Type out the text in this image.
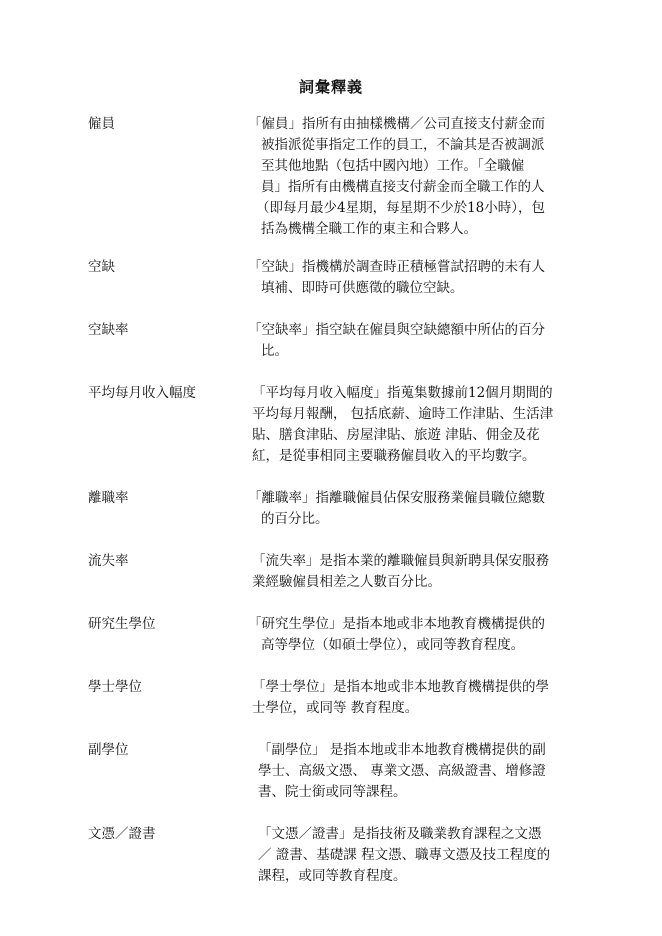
詞彙釋義
僱員	「僱員」指所有由抽樣機構／公司直接支付薪金而
被指派從事指定工作的員工，不論其是否被調派
至其他地點（包括中國內地）工作。「全職僱
員」指所有由機構直接支付薪金而全職工作的人
（即每月最少4星期，每星期不少於18小時），包
括為機構全職工作的東主和合夥人。
空缺	「空缺」指機構於調查時正積極嘗試招聘的未有人
填補、即時可供應徵的職位空缺。
空缺率	「空缺率」指空缺在僱員與空缺總額中所佔的百分
比。
平均每月收入幅度	「平均每月收入幅度」指蒐集數據前12個月期間的
平均每月報酬， 包括底薪、逾時工作津貼、生活津
貼、膳食津貼、房屋津貼、旅遊 津貼、佣金及花
紅，是從事相同主要職務僱員收入的平均數字。
離職率	「離職率」指離職僱員佔保安服務業僱員職位總數
的百分比。
流失率	「流失率」是指本業的離職僱員與新聘具保安服務
業經驗僱員相差之人數百分比。
研究生學位	「研究生學位」是指本地或非本地教育機構提供的
高等學位（如碩士學位），或同等教育程度。
學士學位	「學士學位」是指本地或非本地教育機構提供的學
士學位，或同等 教育程度。
副學位	「副學位」 是指本地或非本地教育機構提供的副
學士、高級文憑、 專業文憑、高級證書、增修證
書、院士銜或同等課程。
文憑／證書	「文憑／證書」是指技術及職業教育課程之文憑
／ 證書、基礎課 程文憑、職專文憑及技工程度的
課程，或同等教育程度。
